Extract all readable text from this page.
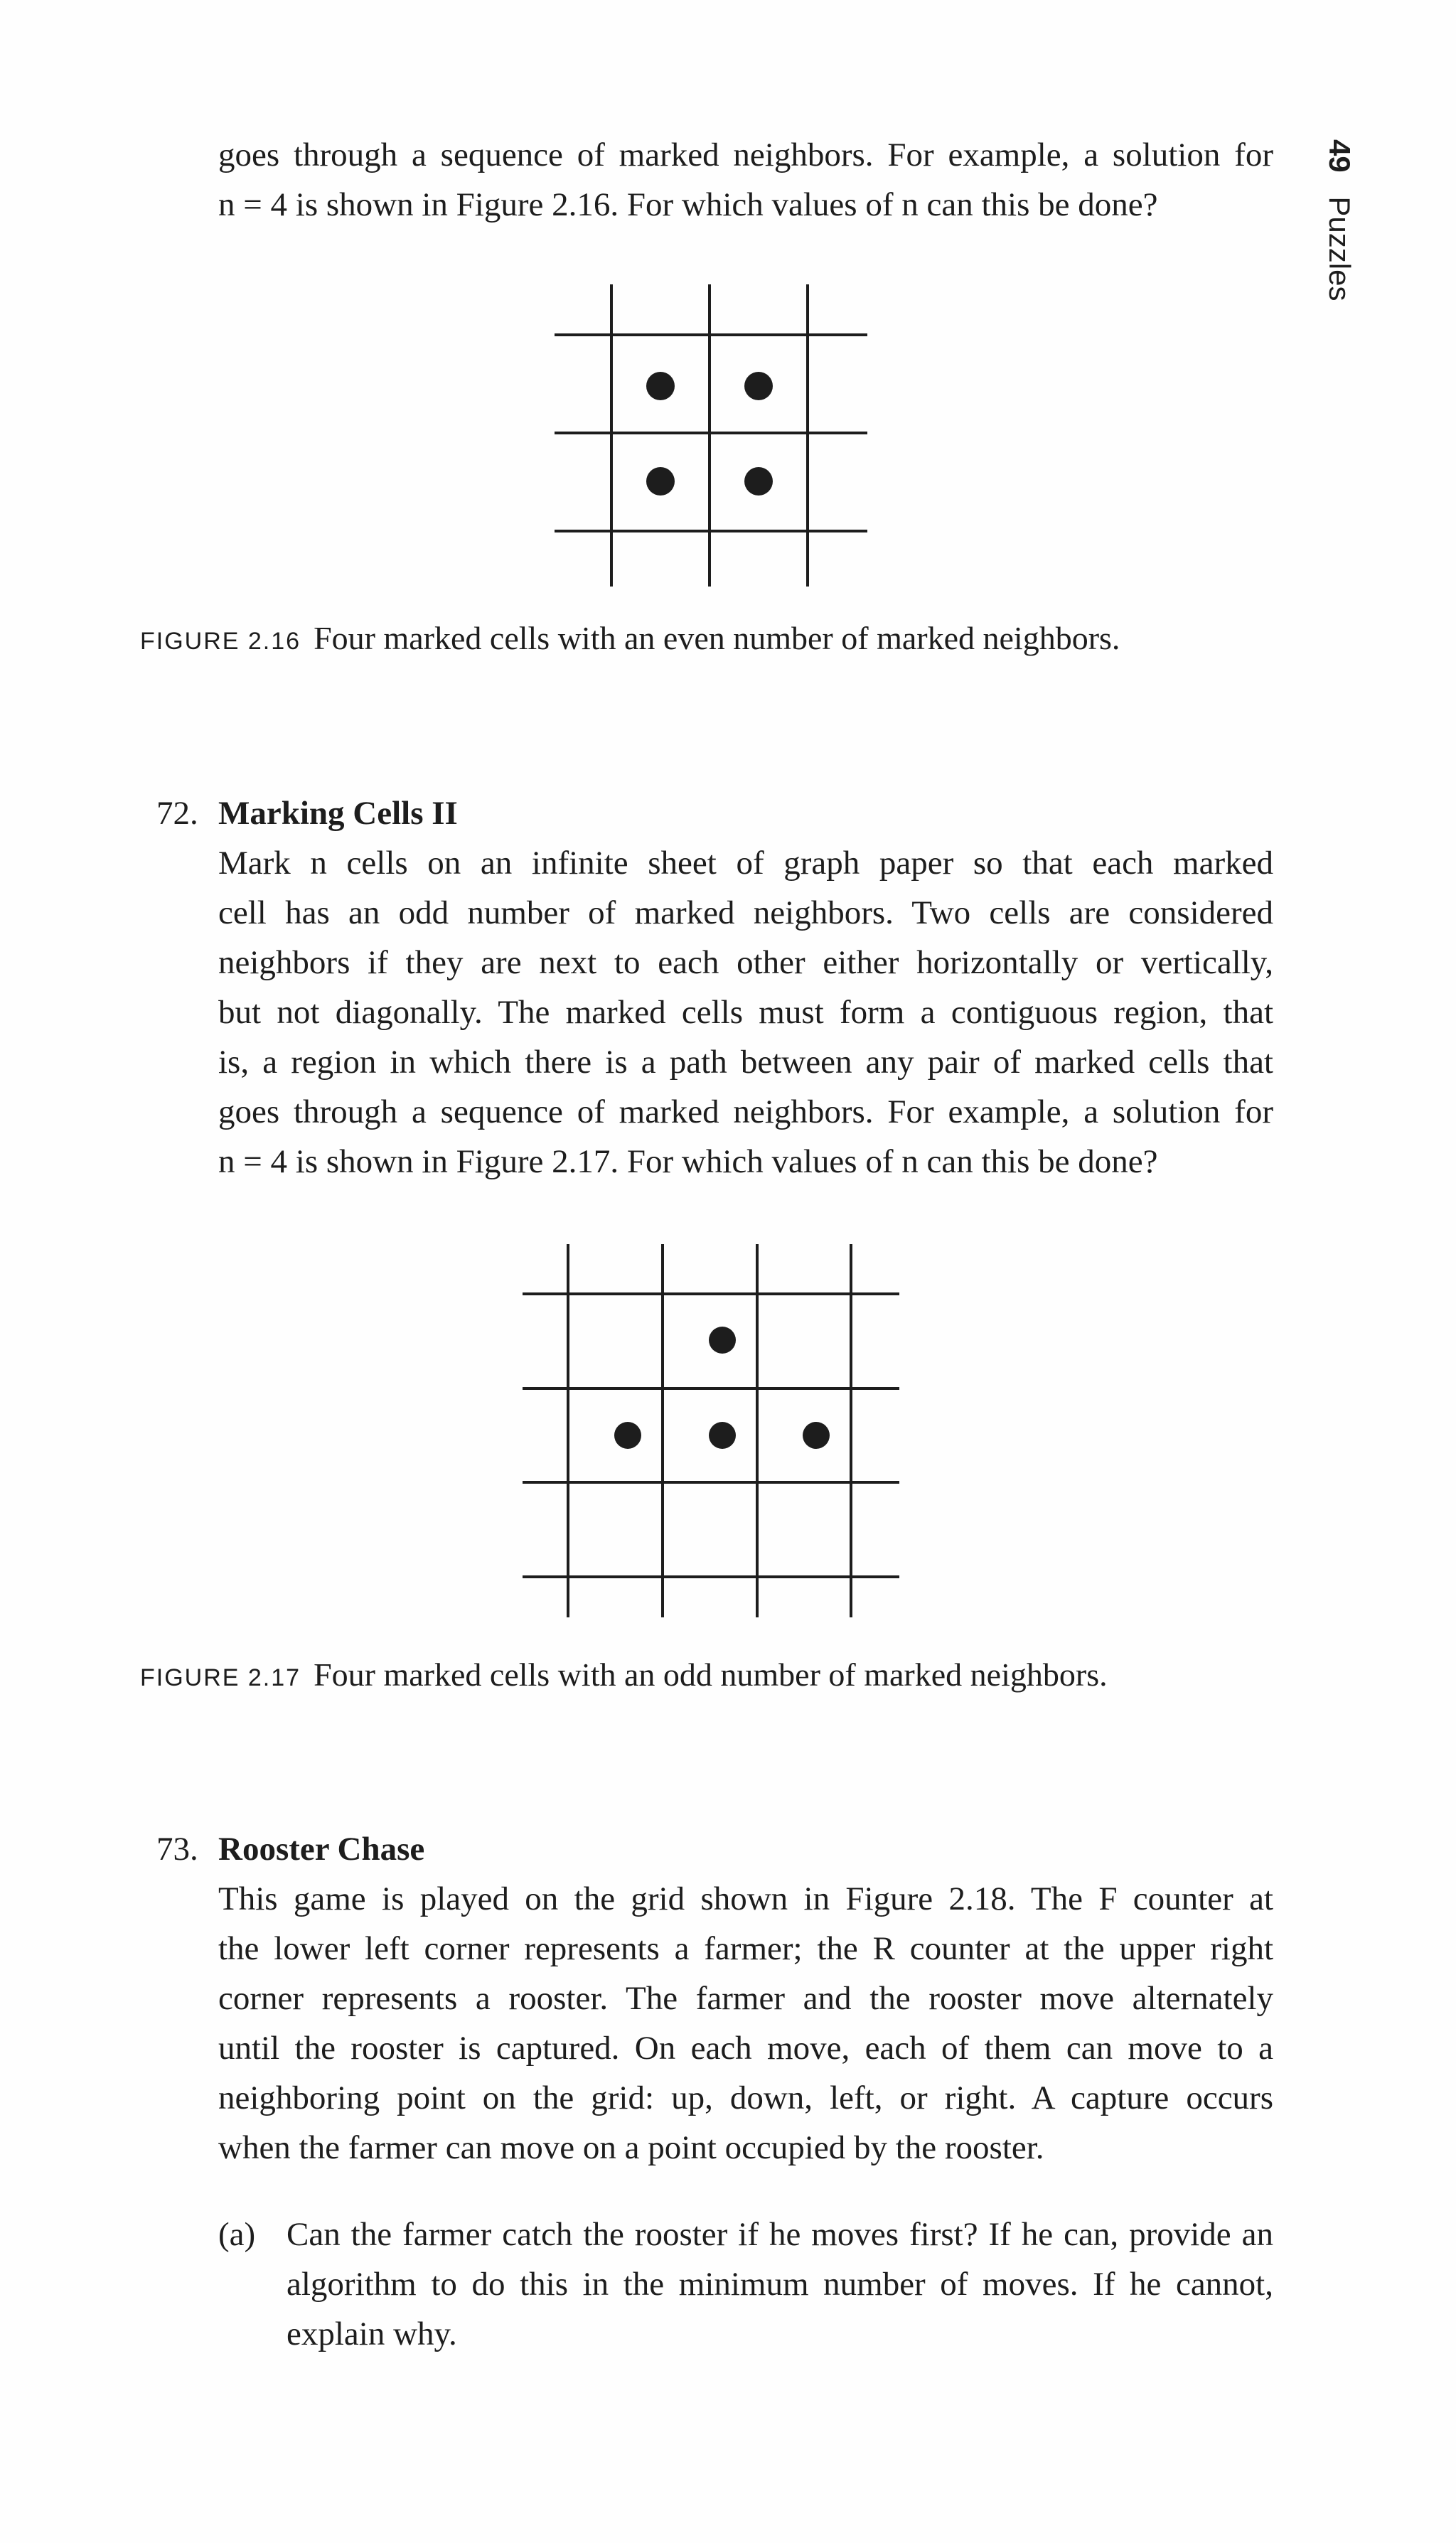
49 Puzzles
goes through a sequence of marked neighbors. For example, a solution for
n = 4 is shown in Figure 2.16. For which values of n can this be done?
FIGURE 2.16 Four marked cells with an even number of marked neighbors.
72. Marking Cells II
Mark n cells on an infinite sheet of graph paper so that each marked
cell has an odd number of marked neighbors. Two cells are considered
neighbors if they are next to each other either horizontally or vertically,
but not diagonally. The marked cells must form a contiguous region, that
is, a region in which there is a path between any pair of marked cells that
goes through a sequence of marked neighbors. For example, a solution for
n = 4 is shown in Figure 2.17. For which values of n can this be done?
FIGURE 2.17 Four marked cells with an odd number of marked neighbors.
73. Rooster Chase
This game is played on the grid shown in Figure 2.18. The F counter at
the lower left corner represents a farmer; the R counter at the upper right
corner represents a rooster. The farmer and the rooster move alternately
until the rooster is captured. On each move, each of them can move to a
neighboring point on the grid: up, down, left, or right. A capture occurs
when the farmer can move on a point occupied by the rooster.
(a) Can the farmer catch the rooster if he moves first? If he can, provide an
algorithm to do this in the minimum number of moves. If he cannot,
explain why.
